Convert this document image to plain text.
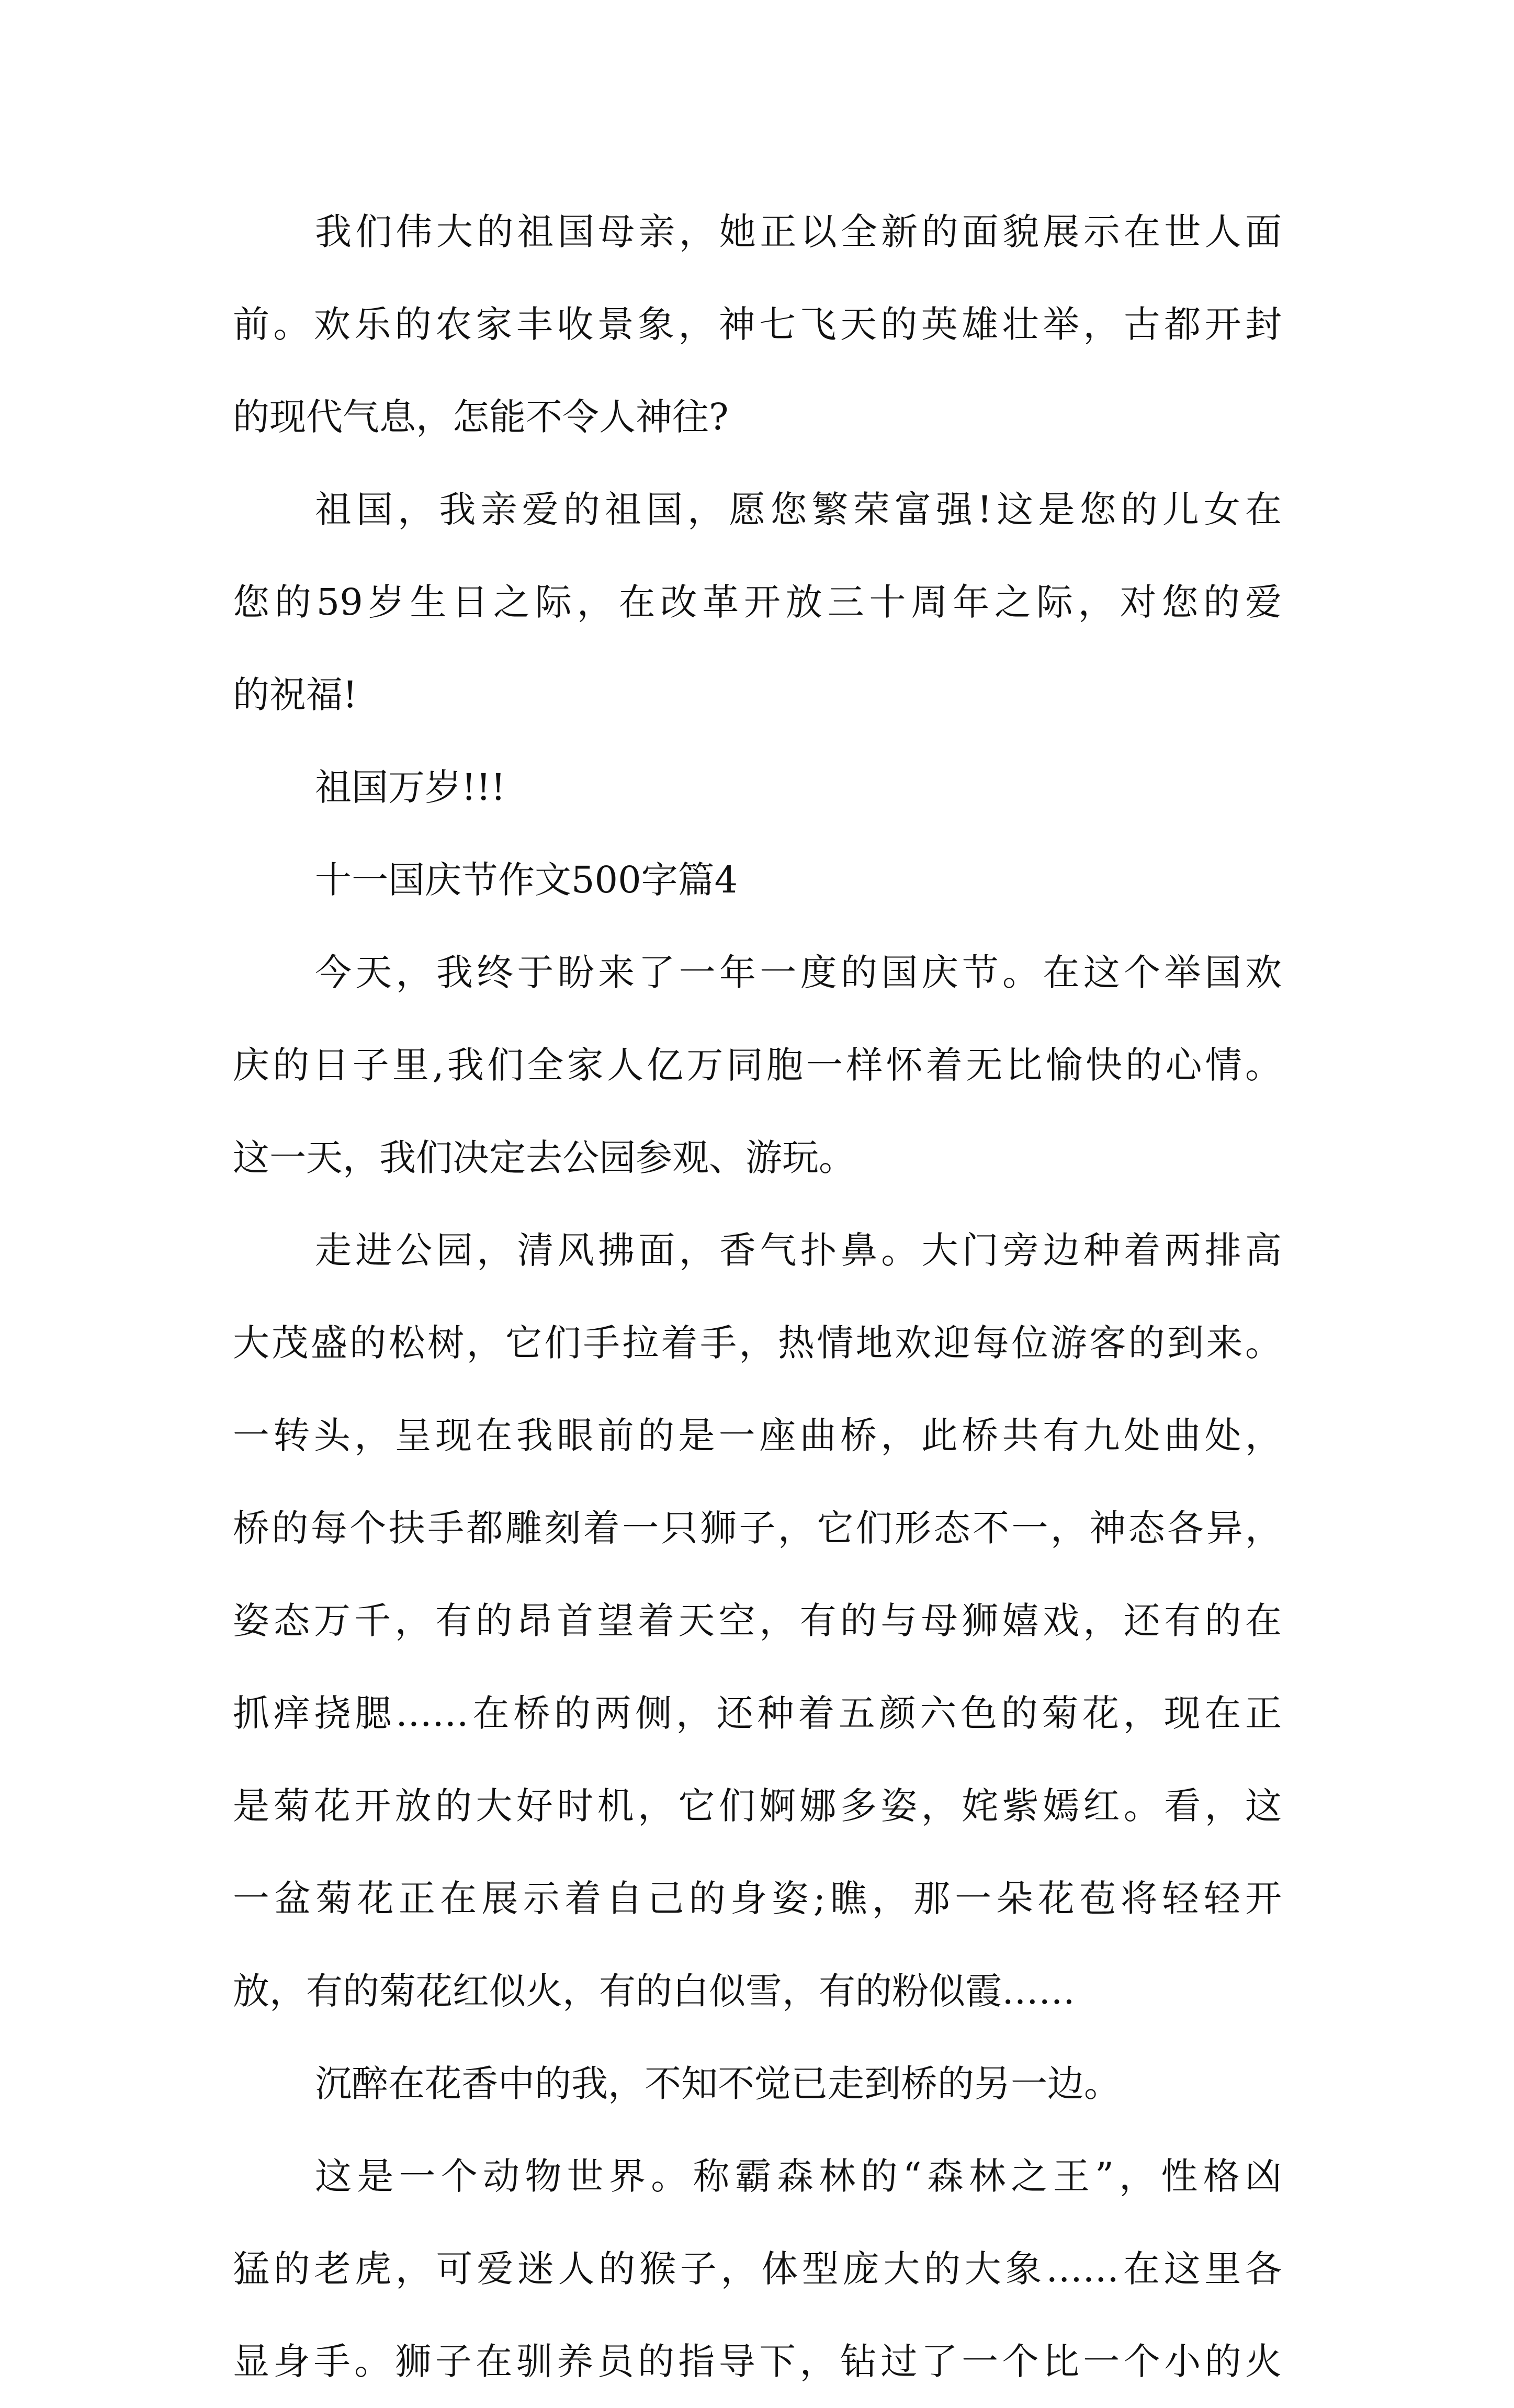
我们伟大的祖国母亲，她正以全新的面貌展示在世人面
前。欢乐的农家丰收景象，神七飞天的英雄壮举，古都开封
的现代气息，怎能不令人神往?
祖国，我亲爱的祖国，愿您繁荣富强!这是您的儿女在
您的59岁生日之际，在改革开放三十周年之际，对您的爱
的祝福!
祖国万岁!!!
十一国庆节作文500字篇4
今天，我终于盼来了一年一度的国庆节。在这个举国欢
庆的日子里,我们全家人亿万同胞一样怀着无比愉快的心情。
这一天，我们决定去公园参观、游玩。
走进公园，清风拂面，香气扑鼻。大门旁边种着两排高
大茂盛的松树，它们手拉着手，热情地欢迎每位游客的到来。
一转头，呈现在我眼前的是一座曲桥，此桥共有九处曲处，
桥的每个扶手都雕刻着一只狮子，它们形态不一，神态各异，
姿态万千，有的昂首望着天空，有的与母狮嬉戏，还有的在
抓痒挠腮……在桥的两侧，还种着五颜六色的菊花，现在正
是菊花开放的大好时机，它们婀娜多姿，姹紫嫣红。看，这
一盆菊花正在展示着自己的身姿;瞧，那一朵花苞将轻轻开
放，有的菊花红似火，有的白似雪，有的粉似霞……
沉醉在花香中的我，不知不觉已走到桥的另一边。
这是一个动物世界。称霸森林的“森林之王”，性格凶
猛的老虎，可爱迷人的猴子，体型庞大的大象……在这里各
显身手。狮子在驯养员的指导下，钻过了一个比一个小的火
